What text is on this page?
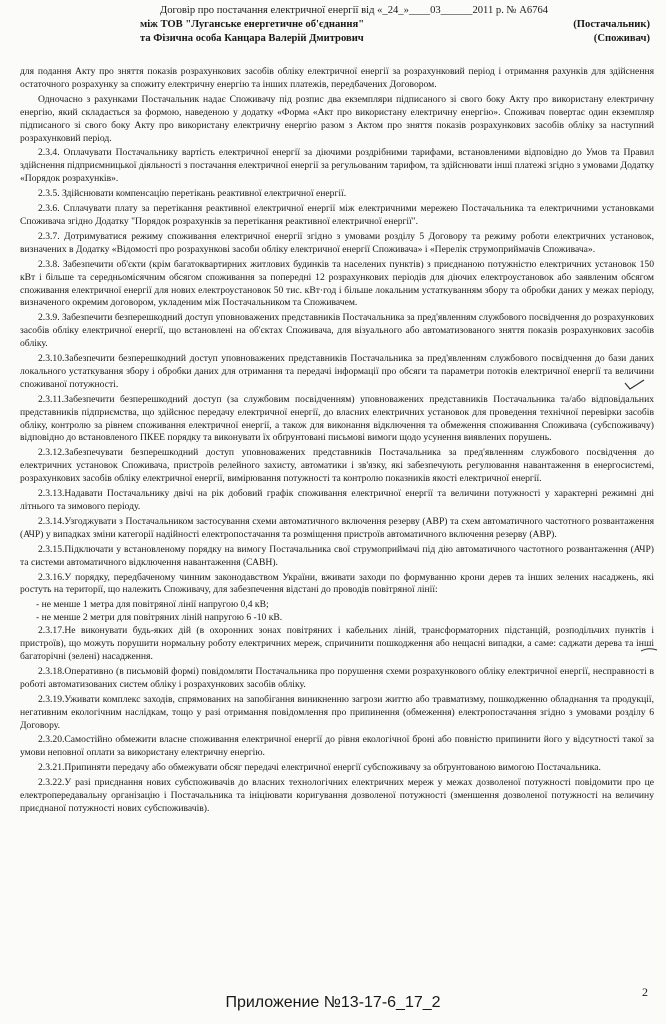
Договір про постачання електричної енергії від «_24_»____03______2011 р. № А6764
між ТОВ "Луганське енергетичне об'єднання"	(Постачальник)
та Фізична особа Канцара Валерій Дмитрович	(Споживач)

для подання Акту про зняття показів розрахункових засобів обліку електричної енергії за розрахунковий період і отримання рахунків для здійснення остаточного розрахунку за спожиту електричну енергію та інших платежів, передбачених Договором.

Одночасно з рахунками Постачальник надає Споживачу під розпис два екземпляри підписаного зі свого боку Акту про використану електричну енергію, який складається за формою, наведеною у додатку «Форма «Акт про використану електричну енергію». Споживач повертає один екземпляр підписаного зі свого боку Акту про використану електричну енергію разом з Актом про зняття показів розрахункових засобів обліку за наступний розрахунковий період.

2.3.4. Оплачувати Постачальнику вартість електричної енергії за діючими роздрібними тарифами, встановленими відповідно до Умов та Правил здійснення підприємницької діяльності з постачання електричної енергії за регульованим тарифом, та здійснювати інші платежі згідно з умовами Додатку «Порядок розрахунків».

2.3.5. Здійснювати компенсацію перетікань реактивної електричної енергії.

2.3.6. Сплачувати плату за перетікання реактивної електричної енергії між електричними мережею Постачальника та електричними установками Споживача згідно Додатку "Порядок розрахунків за перетікання реактивної електричної енергії".

2.3.7. Дотримуватися режиму споживання електричної енергії згідно з умовами розділу 5 Договору та режиму роботи електричних установок, визначених в Додатку «Відомості про розрахункові засоби обліку електричної енергії Споживача» і «Перелік струмоприймачів Споживача».

2.3.8. Забезпечити об'єкти (крім багатоквартирних житлових будинків та населених пунктів) з приєднаною потужністю електричних установок 150 кВт і більше та середньомісячним обсягом споживання за попередні 12 розрахункових періодів для діючих електроустановок або заявленим обсягом споживання електричної енергії для нових електроустановок 50 тис. кВт·год і більше локальним устаткуванням збору та обробки даних у межах періоду, визначеного окремим договором, укладеним між Постачальником та Споживачем.

2.3.9. Забезпечити безперешкодний доступ уповноважених представників Постачальника за пред'явленням службового посвідчення до розрахункових засобів обліку електричної енергії, що встановлені на об'єктах Споживача, для візуального або автоматизованого зняття показів розрахункових засобів обліку.

2.3.10.Забезпечити безперешкодний доступ уповноважених представників Постачальника за пред'явленням службового посвідчення до бази даних локального устаткування збору і обробки даних для отримання та передачі інформації про обсяги та параметри потоків електричної енергії та величини споживаної потужності.

2.3.11.Забезпечити безперешкодний доступ (за службовим посвідченням) уповноважених представників Постачальника та/або відповідальних представників підприємства, що здійснює передачу електричної енергії, до власних електричних установок для проведення технічної перевірки засобів обліку, контролю за рівнем споживання електричної енергії, а також для виконання відключення та обмеження споживання Споживача (субспоживачу) відповідно до встановленого ПКЕЕ порядку та виконувати їх обґрунтовані письмові вимоги щодо усунення виявлених порушень.

2.3.12.Забезпечувати безперешкодний доступ уповноважених представників Постачальника за пред'явленням службового посвідчення до електричних установок Споживача, пристроїв релейного захисту, автоматики і зв'язку, які забезпечують регулювання навантаження в енергосистемі, розрахункових засобів обліку електричної енергії, вимірювання потужності та контролю показників якості електричної енергії.

2.3.13.Надавати Постачальнику двічі на рік добовий графік споживання електричної енергії та величини потужності у характерні режимні дні літнього та зимового періоду.

2.3.14.Узгоджувати з Постачальником застосування схеми автоматичного включення резерву (АВР) та схем автоматичного частотного розвантаження (АЧР) у випадках зміни категорії надійності електропостачання та розміщення пристроїв автоматичного включення резерву (АВР).

2.3.15.Підключати у встановленому порядку на вимогу Постачальника свої струмоприймачі під дію автоматичного частотного розвантаження (АЧР) та системи автоматичного відключення навантаження (САВН).

2.3.16.У порядку, передбаченому чинним законодавством України, вживати заходи по формуванню крони дерев та інших зелених насаджень, які ростуть на території, що належить Споживачу, для забезпечення відстані до проводів повітряної лінії:

- не менше 1 метра для повітряної лінії напругою 0,4 кВ;

- не менше 2 метри для повітряних ліній напругою 6 -10 кВ.

2.3.17.Не виконувати будь-яких дій (в охоронних зонах повітряних і кабельних ліній, трансформаторних підстанцій, розподільчих пунктів і пристроїв), що можуть порушити нормальну роботу електричних мереж, спричинити пошкодження або нещасні випадки, а саме: саджати дерева та інші багаторічні (зелені) насадження.

2.3.18.Оперативно (в письмовій формі) повідомляти Постачальника про порушення схеми розрахункового обліку електричної енергії, несправності в роботі автоматизованих систем обліку і розрахункових засобів обліку.

2.3.19.Уживати комплекс заходів, спрямованих на запобігання виникненню загрози життю або травматизму, пошкодженню обладнання та продукції, негативним екологічним наслідкам, тощо у разі отримання повідомлення про припинення (обмеження) електропостачання згідно з умовами розділу 6 Договору.

2.3.20.Самостійно обмежити власне споживання електричної енергії до рівня екологічної броні або повністю припинити його у відсутності такої за умови неповної оплати за використану електричну енергію.

2.3.21.Припиняти передачу або обмежувати обсяг передачі електричної енергії субспоживачу за обґрунтованою вимогою Постачальника.

2.3.22.У разі приєднання нових субспоживачів до власних технологічних електричних мереж у межах дозволеної потужності повідомити про це електропередавальну організацію і Постачальника та ініціювати коригування дозволеної потужності (зменшення дозволеної потужності на величину приєднаної потужності нових субспоживачів).

2
Приложение №13-17-6_17_2
